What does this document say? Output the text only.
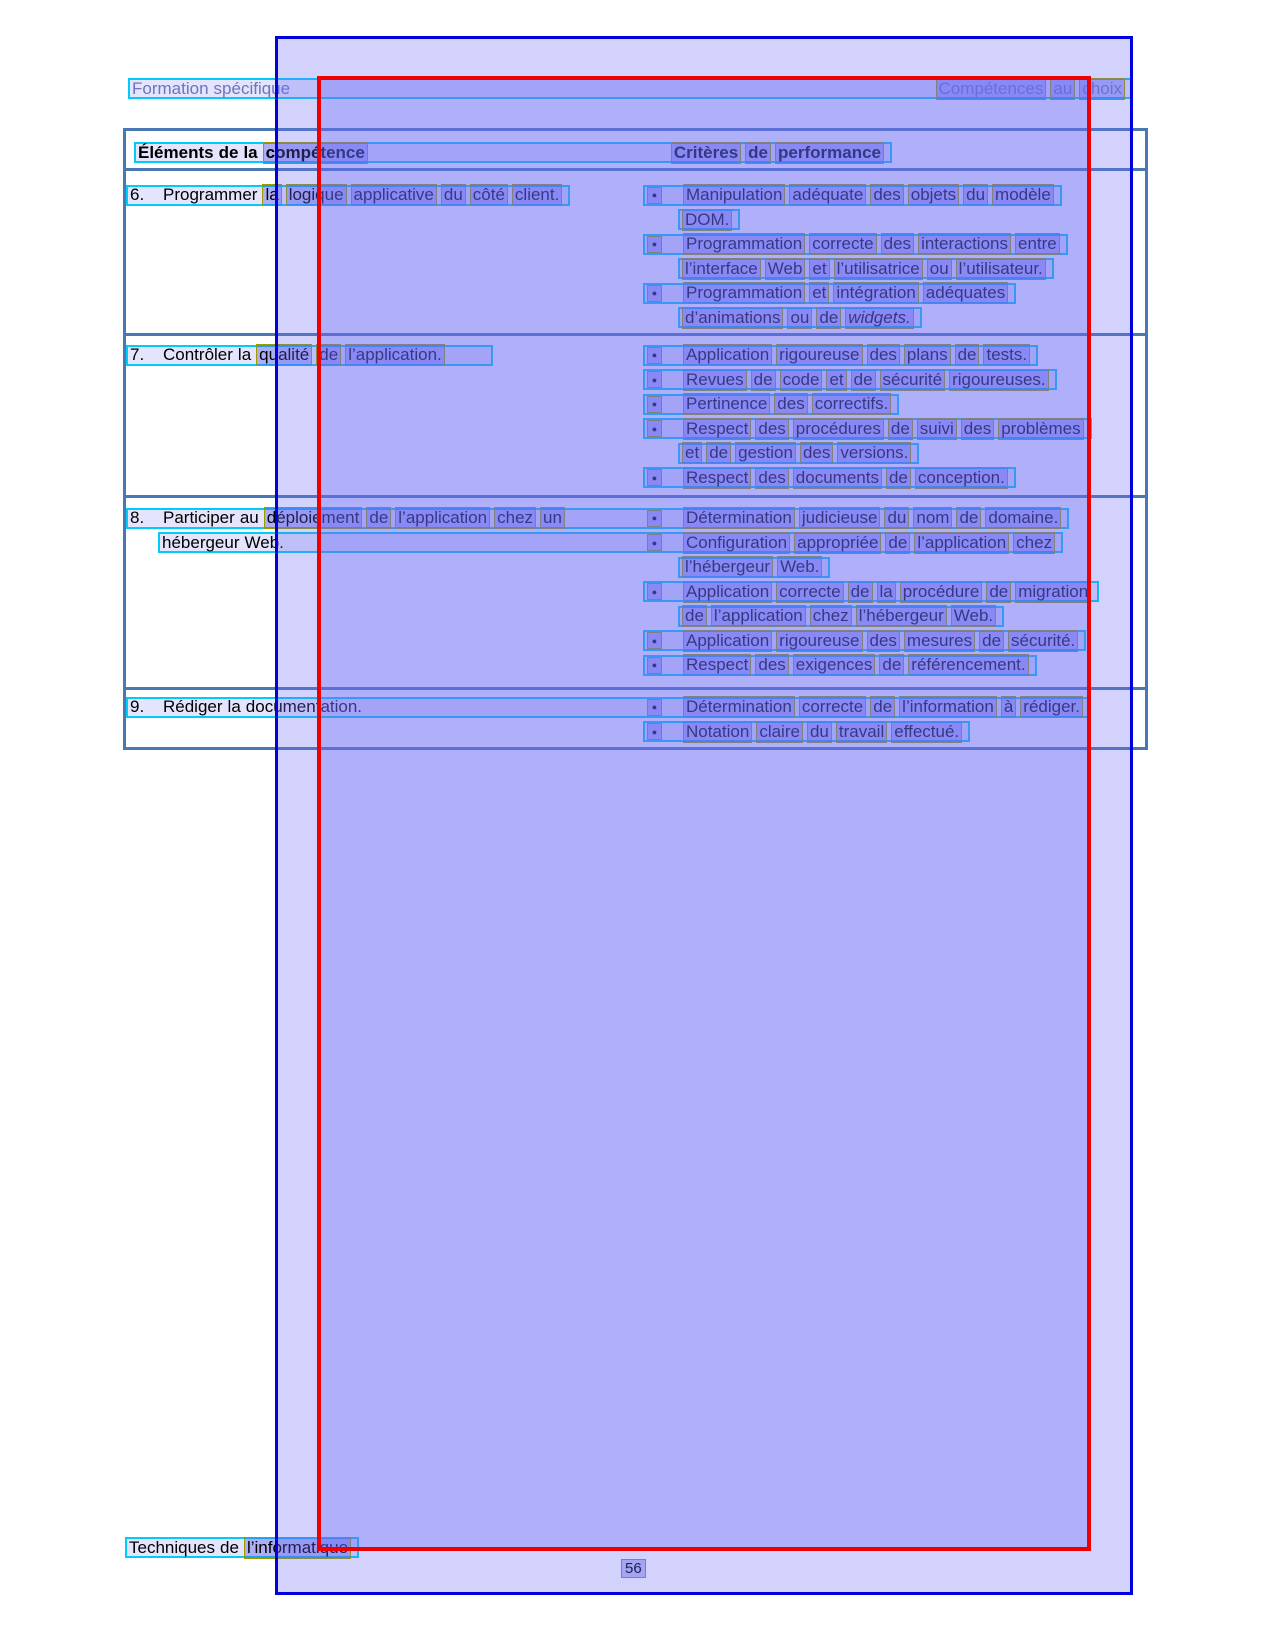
Formation spécifique	Compétences au choix
Éléments de la compétence	Critères de performance
6.	Programmer la logique applicative du côté client.	● Manipulation adéquate des objets du modèle
DOM.
● Programmation correcte des interactions entre
l’interface Web et l’utilisatrice ou l’utilisateur.
● Programmation et intégration adéquates
d’animations ou de widgets.
7.	Contrôler la qualité de l’application.	● Application rigoureuse des plans de tests.
● Revues de code et de sécurité rigoureuses.
● Pertinence des correctifs.
● Respect des procédures de suivi des problèmes
et de gestion des versions.
● Respect des documents de conception.
8.	Participer au déploiement de l’application chez un	● Détermination judicieuse du nom de domaine.
hébergeur Web.	● Configuration appropriée de l’application chez
l’hébergeur Web.
● Application correcte de la procédure de migration
de l’application chez l’hébergeur Web.
● Application rigoureuse des mesures de sécurité.
● Respect des exigences de référencement.
9.	Rédiger la documentation.	● Détermination correcte de l’information à rédiger.
● Notation claire du travail effectué.
Techniques de l’informatique
56
